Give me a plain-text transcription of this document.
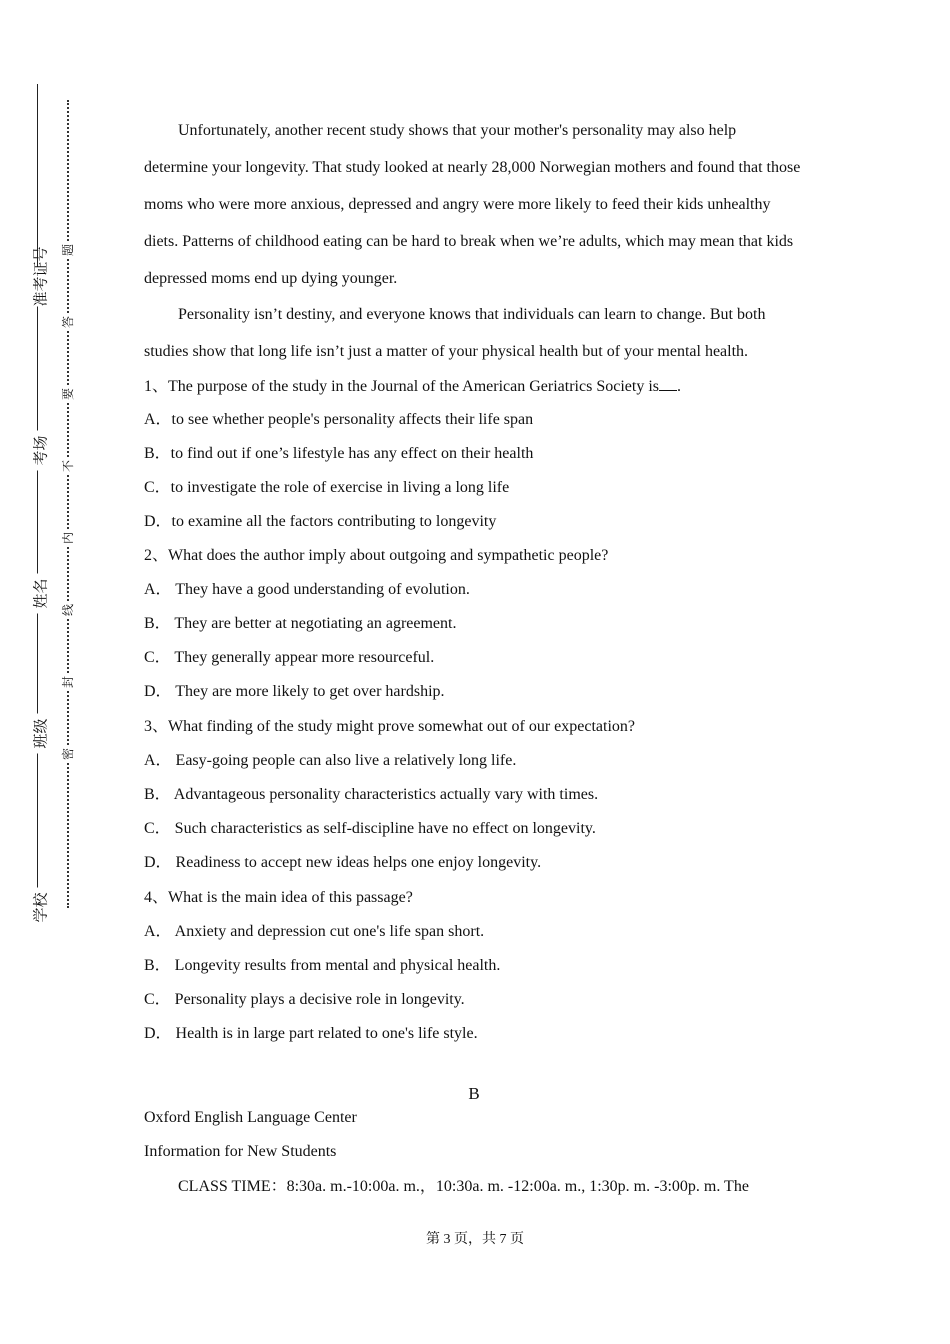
准考证号
考场
姓名
班级
学校
题
答
要
不
内
线
封
密

Unfortunately, another recent study shows that your mother's personality may also help determine your longevity. That study looked at nearly 28,000 Norwegian mothers and found that those moms who were more anxious, depressed and angry were more likely to feed their kids unhealthy diets. Patterns of childhood eating can be hard to break when we’re adults, which may mean that kids depressed moms end up dying younger.

Personality isn’t destiny, and everyone knows that individuals can learn to change. But both studies show that long life isn’t just a matter of your physical health but of your mental health.

1、The purpose of the study in the Journal of the American Geriatrics Society is .
A．to see whether people's personality affects their life span
B．to find out if one’s lifestyle has any effect on their health
C．to investigate the role of exercise in living a long life
D．to examine all the factors contributing to longevity
2、What does the author imply about outgoing and sympathetic people?
A． They have a good understanding of evolution.
B． They are better at negotiating an agreement.
C． They generally appear more resourceful.
D． They are more likely to get over hardship.
3、What finding of the study might prove somewhat out of our expectation?
A． Easy-going people can also live a relatively long life.
B． Advantageous personality characteristics actually vary with times.
C． Such characteristics as self-discipline have no effect on longevity.
D． Readiness to accept new ideas helps one enjoy longevity.
4、What is the main idea of this passage?
A． Anxiety and depression cut one's life span short.
B． Longevity results from mental and physical health.
C． Personality plays a decisive role in longevity.
D． Health is in large part related to one's life style.
B
Oxford English Language Center
Information for New Students
CLASS TIME：8:30a. m.-10:00a. m.，10:30a. m. -12:00a. m., 1:30p. m. -3:00p. m. The
第 3 页，共 7 页
